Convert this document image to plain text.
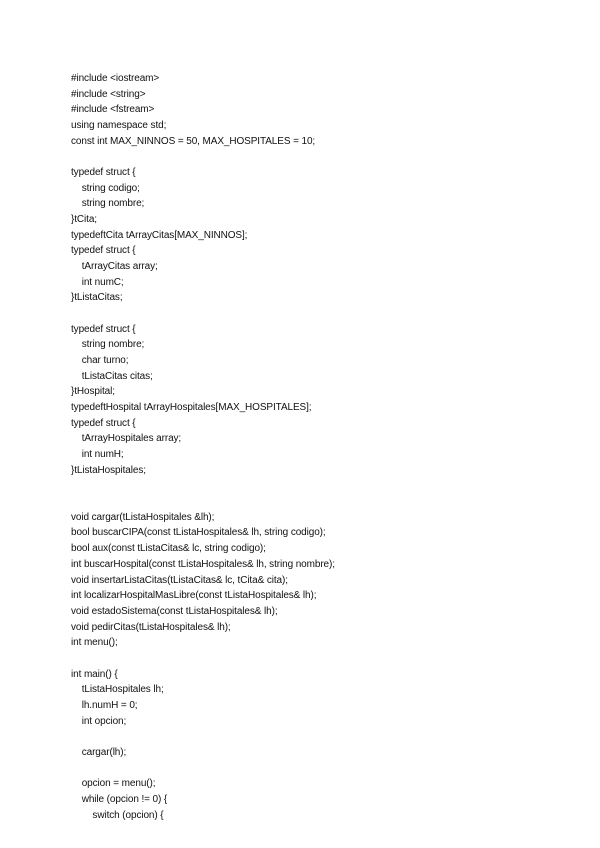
#include <iostream>
#include <string>
#include <fstream>
using namespace std;
const int MAX_NINNOS = 50, MAX_HOSPITALES = 10;
typedef struct {
string codigo;
string nombre;
}tCita;
typedeftCita tArrayCitas[MAX_NINNOS];
typedef struct {
tArrayCitas array;
int numC;
}tListaCitas;
typedef struct {
string nombre;
char turno;
tListaCitas citas;
}tHospital;
typedeftHospital tArrayHospitales[MAX_HOSPITALES];
typedef struct {
tArrayHospitales array;
int numH;
}tListaHospitales;
void cargar(tListaHospitales &lh);
bool buscarCIPA(const tListaHospitales& lh, string codigo);
bool aux(const tListaCitas& lc, string codigo);
int buscarHospital(const tListaHospitales& lh, string nombre);
void insertarListaCitas(tListaCitas& lc, tCita& cita);
int localizarHospitalMasLibre(const tListaHospitales& lh);
void estadoSistema(const tListaHospitales& lh);
void pedirCitas(tListaHospitales& lh);
int menu();
int main() {
tListaHospitales lh;
lh.numH = 0;
int opcion;
cargar(lh);
opcion = menu();
while (opcion != 0) {
switch (opcion) {
